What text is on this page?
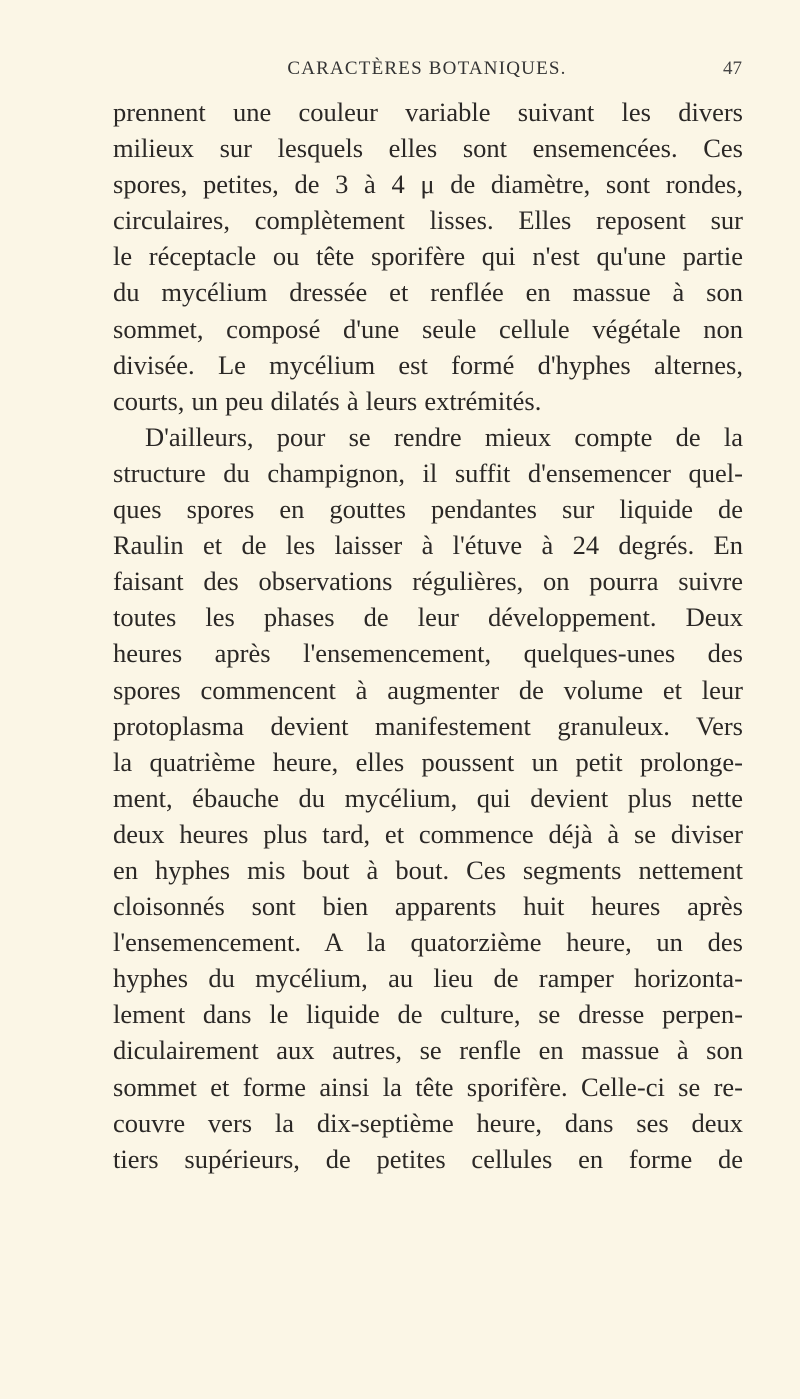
CARACTÈRES BOTANIQUES.	47
prennent une couleur variable suivant les divers
milieux sur lesquels elles sont ensemencées. Ces
spores, petites, de 3 à 4 μ de diamètre, sont rondes,
circulaires, complètement lisses. Elles reposent sur
le réceptacle ou tête sporifère qui n'est qu'une partie
du mycélium dressée et renflée en massue à son
sommet, composé d'une seule cellule végétale non
divisée. Le mycélium est formé d'hyphes alternes,
courts, un peu dilatés à leurs extrémités.
D'ailleurs, pour se rendre mieux compte de la
structure du champignon, il suffit d'ensemencer quel-
ques spores en gouttes pendantes sur liquide de
Raulin et de les laisser à l'étuve à 24 degrés. En
faisant des observations régulières, on pourra suivre
toutes les phases de leur développement. Deux
heures après l'ensemencement, quelques-unes des
spores commencent à augmenter de volume et leur
protoplasma devient manifestement granuleux. Vers
la quatrième heure, elles poussent un petit prolonge-
ment, ébauche du mycélium, qui devient plus nette
deux heures plus tard, et commence déjà à se diviser
en hyphes mis bout à bout. Ces segments nettement
cloisonnés sont bien apparents huit heures après
l'ensemencement. A la quatorzième heure, un des
hyphes du mycélium, au lieu de ramper horizonta-
lement dans le liquide de culture, se dresse perpen-
diculairement aux autres, se renfle en massue à son
sommet et forme ainsi la tête sporifère. Celle-ci se re-
couvre vers la dix-septième heure, dans ses deux
tiers supérieurs, de petites cellules en forme de
